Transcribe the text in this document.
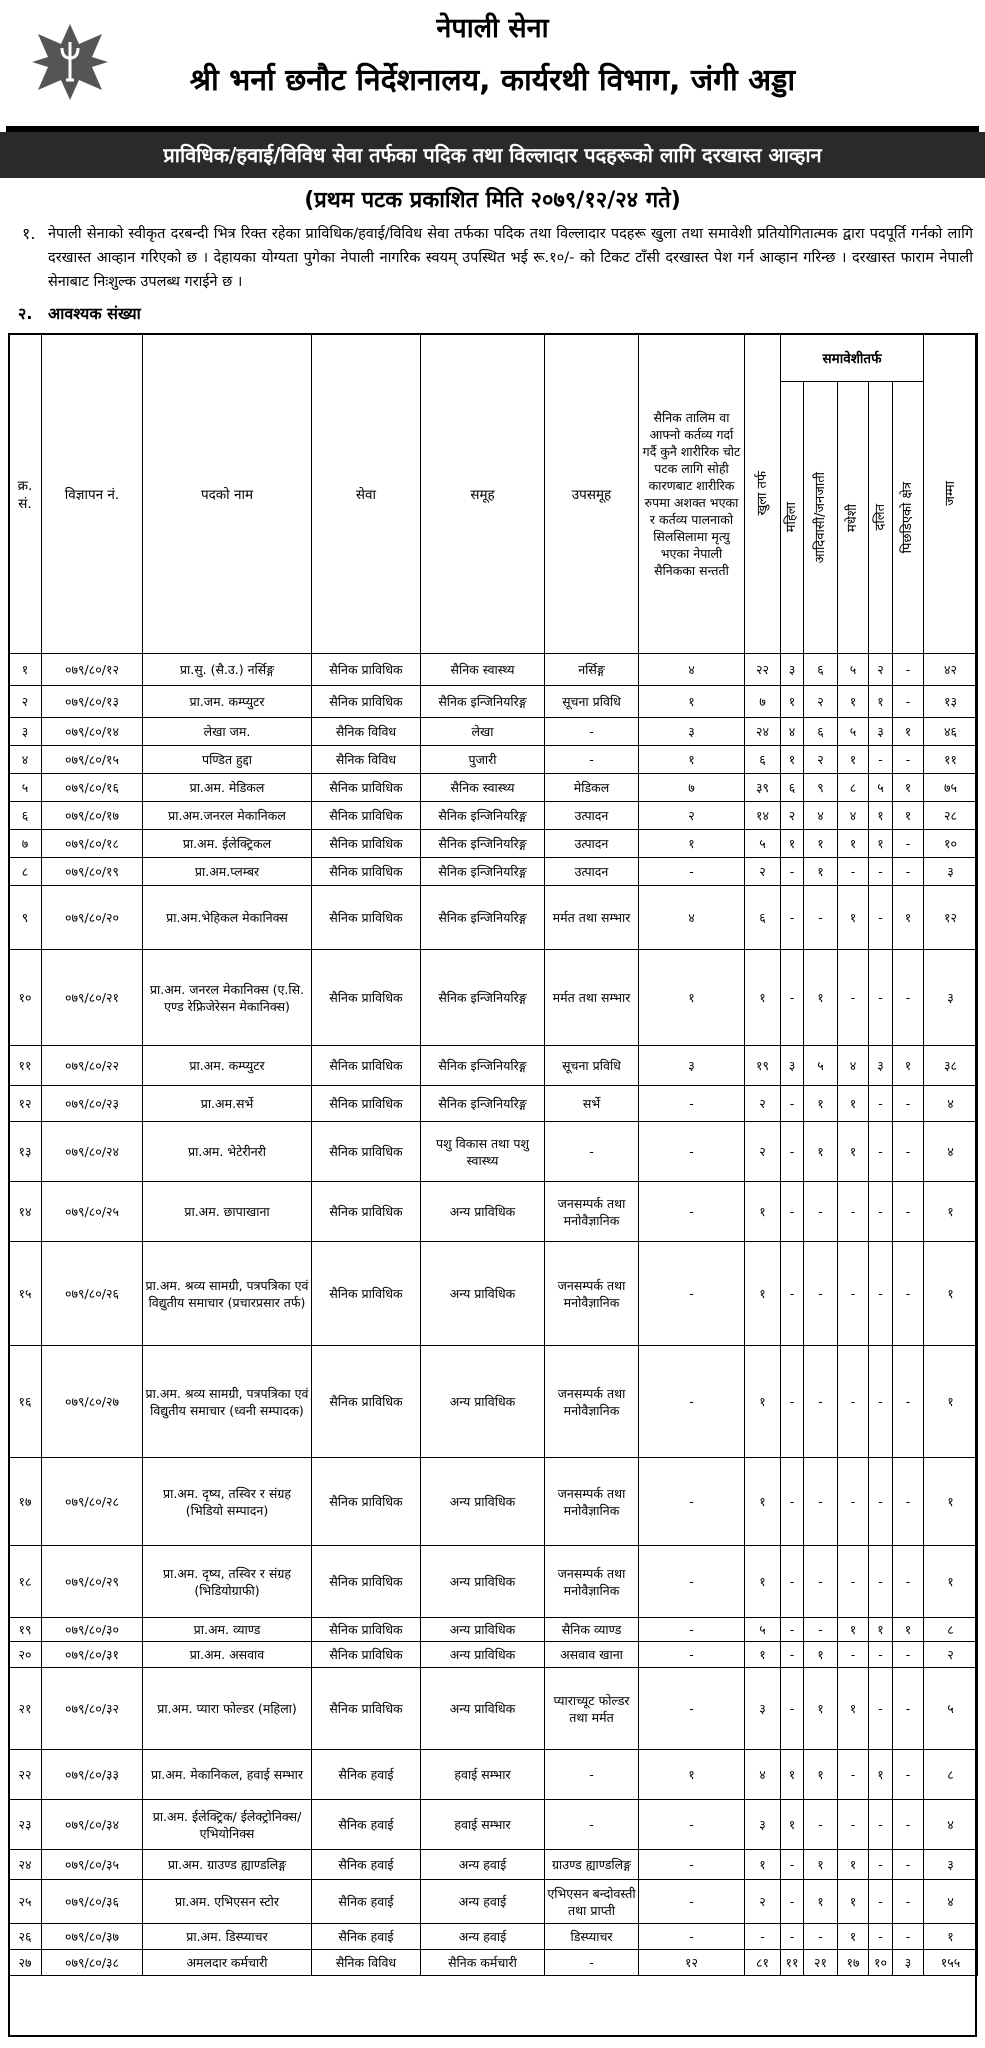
नेपाली सेना
श्री भर्ना छनौट निर्देशनालय, कार्यरथी विभाग, जंगी अड्डा
प्राविधिक/हवाई/विविध सेवा तर्फका पदिक तथा विल्लादार पदहरूको लागि दरखास्त आव्हान
(प्रथम पटक प्रकाशित मिति २०७९/१२/२४ गते)
१. नेपाली सेनाको स्वीकृत दरबन्दी भित्र रिक्त रहेका प्राविधिक/हवाई/विविध सेवा तर्फका पदिक तथा विल्लादार पदहरू खुला तथा समावेशी प्रतियोगितात्मक द्वारा पदपूर्ति गर्नको लागि दरखास्त आव्हान गरिएको छ । देहायका योग्यता पुगेका नेपाली नागरिक स्वयम् उपस्थित भई रू.१०/- को टिकट टाँसी दरखास्त पेश गर्न आव्हान गरिन्छ । दरखास्त फाराम नेपाली सेनाबाट निःशुल्क उपलब्ध गराईने छ ।
२. आवश्यक संख्या
क्र. सं.	विज्ञापन नं.	पदको नाम	सेवा	समूह	उपसमूह	सैनिक तालिम वा आफ्नो कर्तव्य गर्दा गर्दै कुनै शारीरिक चोट पटक लागि सोही कारणबाट शारीरिक रुपमा अशक्त भएका र कर्तव्य पालनाको सिलसिलामा मृत्यु भएका नेपाली सैनिकका सन्तती	खुला तर्फ	समावेशीतर्फ					जम्मा

								महिला	आदिवासी/जनजाती	मधेशी	दलित	पिछडिएको क्षेत्र	

१	०७९/८०/१२	प्रा.सु. (सै.उ.) नर्सिङ्ग	सैनिक प्राविधिक	सैनिक स्वास्थ्य	नर्सिङ्ग	४	२२	३	६	५	२	-	४२
२	०७९/८०/१३	प्रा.जम. कम्प्युटर	सैनिक प्राविधिक	सैनिक इन्जिनियरिङ्ग	सूचना प्रविधि	१	७	१	२	१	१	-	१३
३	०७९/८०/१४	लेखा जम.	सैनिक विविध	लेखा	-	३	२४	४	६	५	३	१	४६
४	०७९/८०/१५	पण्डित हुद्दा	सैनिक विविध	पुजारी	-	१	६	१	२	१	-	-	११
५	०७९/८०/१६	प्रा.अम. मेडिकल	सैनिक प्राविधिक	सैनिक स्वास्थ्य	मेडिकल	७	३९	६	९	८	५	१	७५
६	०७९/८०/१७	प्रा.अम.जनरल मेकानिकल	सैनिक प्राविधिक	सैनिक इन्जिनियरिङ्ग	उत्पादन	२	१४	२	४	४	१	१	२८
७	०७९/८०/१८	प्रा.अम. ईलेक्ट्रिकल	सैनिक प्राविधिक	सैनिक इन्जिनियरिङ्ग	उत्पादन	१	५	१	१	१	१	-	१०
८	०७९/८०/१९	प्रा.अम.प्लम्बर	सैनिक प्राविधिक	सैनिक इन्जिनियरिङ्ग	उत्पादन	-	२	-	१	-	-	-	३
९	०७९/८०/२०	प्रा.अम.भेहिकल मेकानिक्स	सैनिक प्राविधिक	सैनिक इन्जिनियरिङ्ग	मर्मत तथा सम्भार	४	६	-	-	१	-	१	१२
१०	०७९/८०/२१	प्रा.अम. जनरल मेकानिक्स (ए.सि. एण्ड रेफ्रिजेरेसन मेकानिक्स)	सैनिक प्राविधिक	सैनिक इन्जिनियरिङ्ग	मर्मत तथा सम्भार	१	१	-	१	-	-	-	३
११	०७९/८०/२२	प्रा.अम. कम्प्युटर	सैनिक प्राविधिक	सैनिक इन्जिनियरिङ्ग	सूचना प्रविधि	३	१९	३	५	४	३	१	३८
१२	०७९/८०/२३	प्रा.अम.सर्भे	सैनिक प्राविधिक	सैनिक इन्जिनियरिङ्ग	सर्भे	-	२	-	१	१	-	-	४
१३	०७९/८०/२४	प्रा.अम. भेटेरीनरी	सैनिक प्राविधिक	पशु विकास तथा पशु स्वास्थ्य	-	-	२	-	१	१	-	-	४
१४	०७९/८०/२५	प्रा.अम. छापाखाना	सैनिक प्राविधिक	अन्य प्राविधिक	जनसम्पर्क तथा मनोवैज्ञानिक	-	१	-	-	-	-	-	१
१५	०७९/८०/२६	प्रा.अम. श्रव्य सामग्री, पत्रपत्रिका एवं विद्युतीय समाचार (प्रचारप्रसार तर्फ)	सैनिक प्राविधिक	अन्य प्राविधिक	जनसम्पर्क तथा मनोवैज्ञानिक	-	१	-	-	-	-	-	१
१६	०७९/८०/२७	प्रा.अम. श्रव्य सामग्री, पत्रपत्रिका एवं विद्युतीय समाचार (ध्वनी सम्पादक)	सैनिक प्राविधिक	अन्य प्राविधिक	जनसम्पर्क तथा मनोवैज्ञानिक	-	१	-	-	-	-	-	१
१७	०७९/८०/२८	प्रा.अम. दृष्य, तस्विर र संग्रह (भिडियो सम्पादन)	सैनिक प्राविधिक	अन्य प्राविधिक	जनसम्पर्क तथा मनोवैज्ञानिक	-	१	-	-	-	-	-	१
१८	०७९/८०/२९	प्रा.अम. दृष्य, तस्विर र संग्रह (भिडियोग्राफी)	सैनिक प्राविधिक	अन्य प्राविधिक	जनसम्पर्क तथा मनोवैज्ञानिक	-	१	-	-	-	-	-	१
१९	०७९/८०/३०	प्रा.अम. व्याण्ड	सैनिक प्राविधिक	अन्य प्राविधिक	सैनिक व्याण्ड	-	५	-	-	१	१	१	८
२०	०७९/८०/३१	प्रा.अम. असवाव	सैनिक प्राविधिक	अन्य प्राविधिक	असवाव खाना	-	१	-	१	-	-	-	२
२१	०७९/८०/३२	प्रा.अम. प्यारा फोल्डर (महिला)	सैनिक प्राविधिक	अन्य प्राविधिक	प्याराच्यूट फोल्डर तथा मर्मत	-	३	-	१	१	-	-	५
२२	०७९/८०/३३	प्रा.अम. मेकानिकल, हवाई सम्भार	सैनिक हवाई	हवाई सम्भार	-	१	४	१	१	-	१	-	८
२३	०७९/८०/३४	प्रा.अम. ईलेक्ट्रिक/ ईलेक्ट्रोनिक्स/ एभियोनिक्स	सैनिक हवाई	हवाई सम्भार	-	-	३	१	-	-	-	-	४
२४	०७९/८०/३५	प्रा.अम. ग्राउण्ड ह्याण्डलिङ्ग	सैनिक हवाई	अन्य हवाई	ग्राउण्ड ह्याण्डलिङ्ग	-	१	-	१	१	-	-	३
२५	०७९/८०/३६	प्रा.अम. एभिएसन स्टोर	सैनिक हवाई	अन्य हवाई	एभिएसन बन्दोवस्ती तथा प्राप्ती	-	२	-	१	१	-	-	४
२६	०७९/८०/३७	प्रा.अम. डिस्प्याचर	सैनिक हवाई	अन्य हवाई	डिस्प्याचर	-	-	-	-	१	-	-	१
२७	०७९/८०/३८	अमलदार कर्मचारी	सैनिक विविध	सैनिक कर्मचारी	-	१२	८१	११	२१	१७	१०	३	१५५
